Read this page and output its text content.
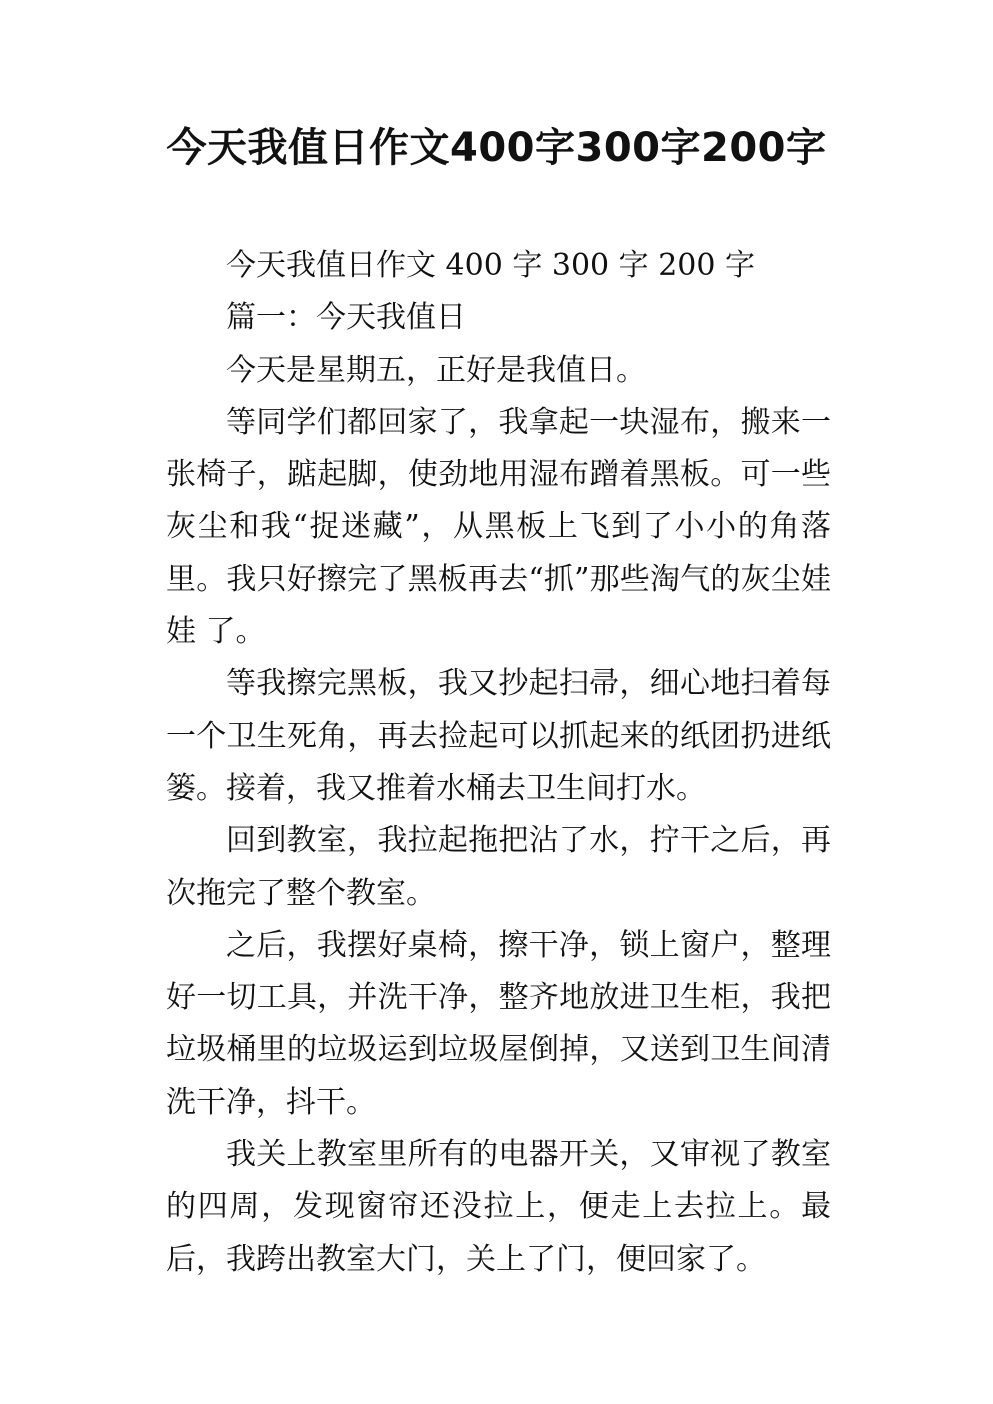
今天我值日作文400字300字200字

今天我值日作文 400 字 300 字 200 字

篇一：今天我值日

今天是星期五，正好是我值日。

等同学们都回家了，我拿起一块湿布，搬来一张椅子，踮起脚，使劲地用湿布蹭着黑板。可一些灰尘和我“捉迷藏”，从黑板上飞到了小小的角落里。我只好擦完了黑板再去“抓”那些淘气的灰尘娃娃 了。

等我擦完黑板，我又抄起扫帚，细心地扫着每一个卫生死角，再去捡起可以抓起来的纸团扔进纸篓。接着，我又推着水桶去卫生间打水。

回到教室，我拉起拖把沾了水，拧干之后，再次拖完了整个教室。

之后，我摆好桌椅，擦干净，锁上窗户，整理好一切工具，并洗干净，整齐地放进卫生柜，我把垃圾桶里的垃圾运到垃圾屋倒掉，又送到卫生间清洗干净，抖干。

我关上教室里所有的电器开关，又审视了教室的四周，发现窗帘还没拉上，便走上去拉上。最后，我跨出教室大门，关上了门，便回家了。
